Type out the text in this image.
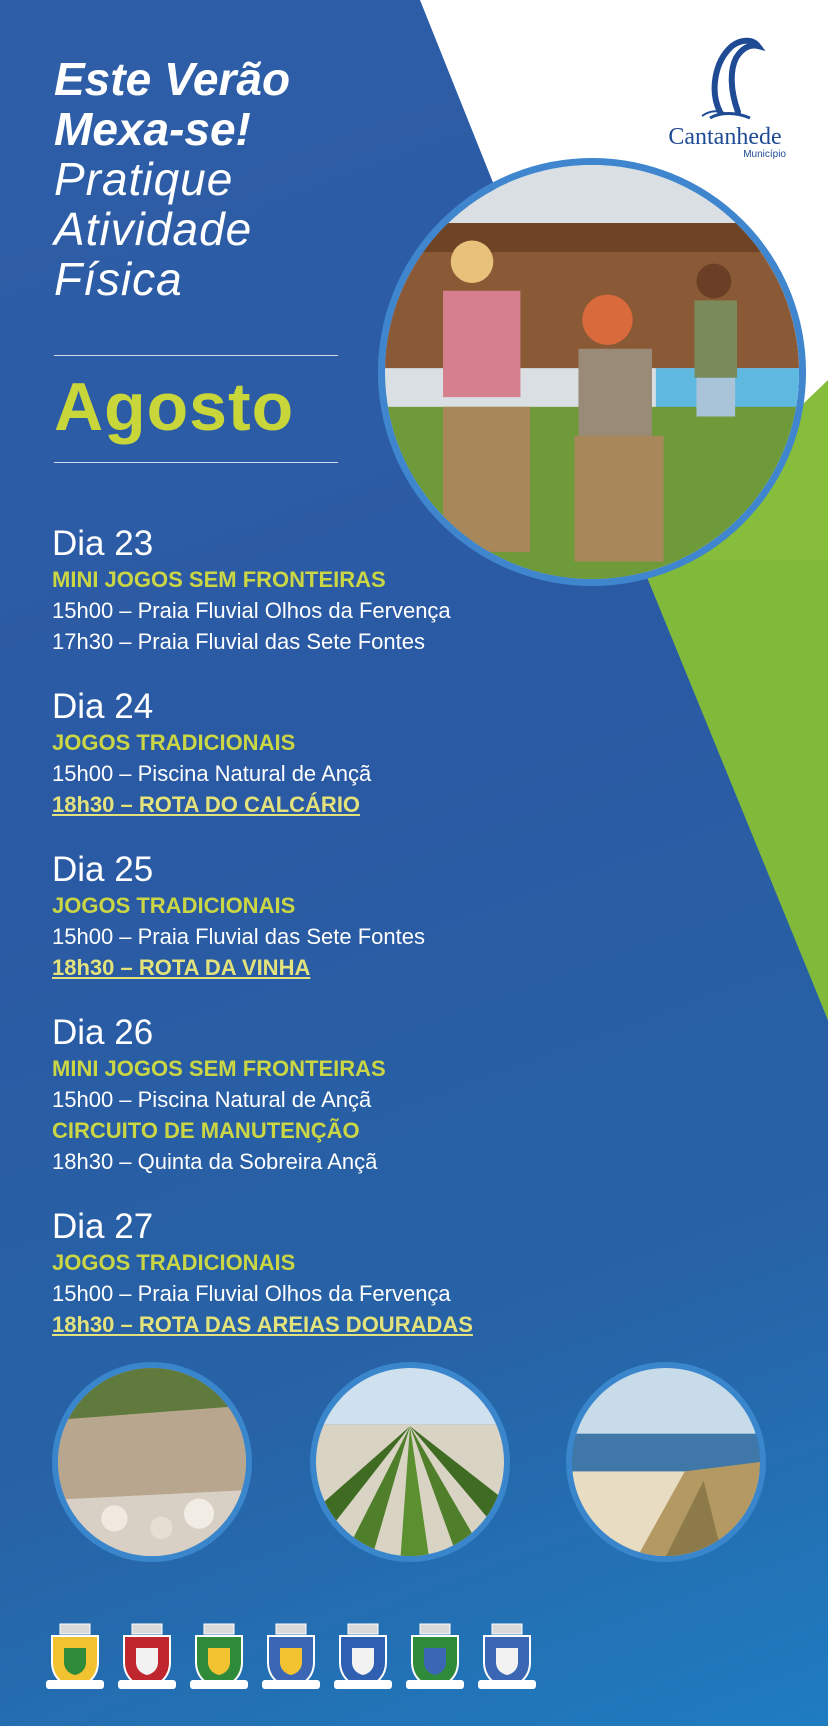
Este Verão
Mexa-se!
Pratique
Atividade
Física
Agosto
Cantanhede
Município
Dia 23
MINI JOGOS SEM FRONTEIRAS
15h00 – Praia Fluvial Olhos da Fervença
17h30 – Praia Fluvial das Sete Fontes
Dia 24
JOGOS TRADICIONAIS
15h00 – Piscina Natural de Ançã
18h30 – ROTA DO CALCÁRIO
Dia 25
JOGOS TRADICIONAIS
15h00 – Praia Fluvial das Sete Fontes
18h30 – ROTA DA VINHA
Dia 26
MINI JOGOS SEM FRONTEIRAS
15h00 – Piscina Natural de Ançã
CIRCUITO DE MANUTENÇÃO
18h30 – Quinta da Sobreira Ançã
Dia 27
JOGOS TRADICIONAIS
15h00 – Praia Fluvial Olhos da Fervença
18h30 – ROTA DAS AREIAS DOURADAS
